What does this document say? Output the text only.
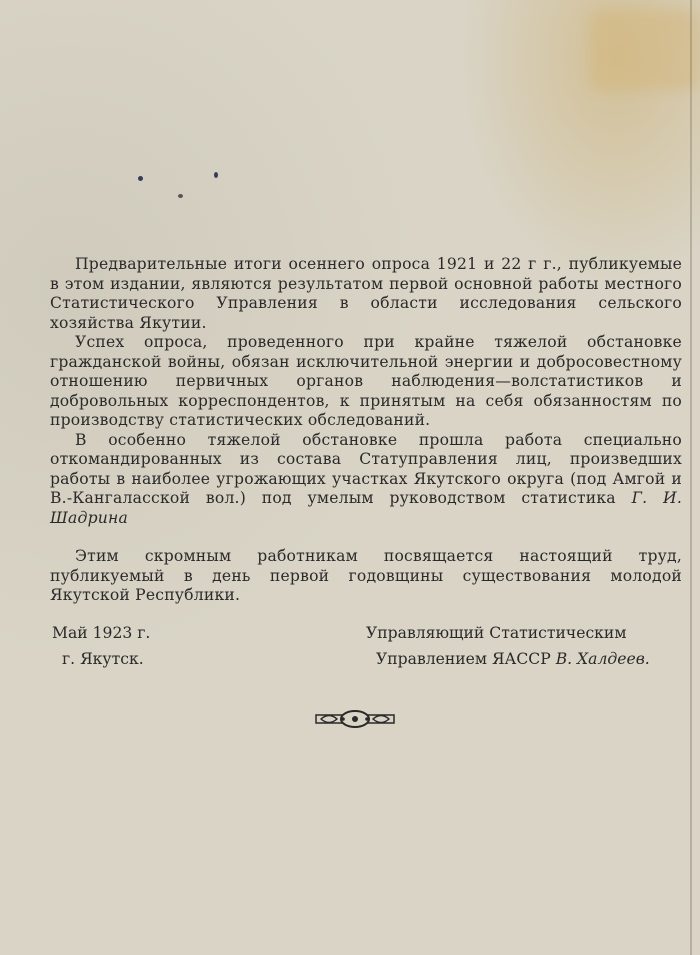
Предварительные итоги осеннего опроса 1921 и 22 г г., публикуемые в этом издании, являются результатом первой основной работы местного Статистического Управления в области исследования сельского хозяйства Якутии.

Успех опроса, проведенного при крайне тяжелой обстановке гражданской войны, обязан исключительной энергии и добросовестному отношению первичных органов наблюдения—волстатистиков и добровольных корреспондентов, к принятым на себя обязанностям по производству статистических обследований.

В особенно тяжелой обстановке прошла работа специально откомандированных из состава Статуправления лиц, произведших работы в наиболее угрожающих участках Якутского округа (под Амгой и В.-Кангаласской вол.) под умелым руководством статистика Г. И. Шадрина

Этим скромным работникам посвящается настоящий труд, публикуемый в день первой годовщины существования молодой Якутской Республики.

Май 1923 г.
г. Якутск.
Управляющий Статистическим
Управлением ЯАССР В. Халдеев.
